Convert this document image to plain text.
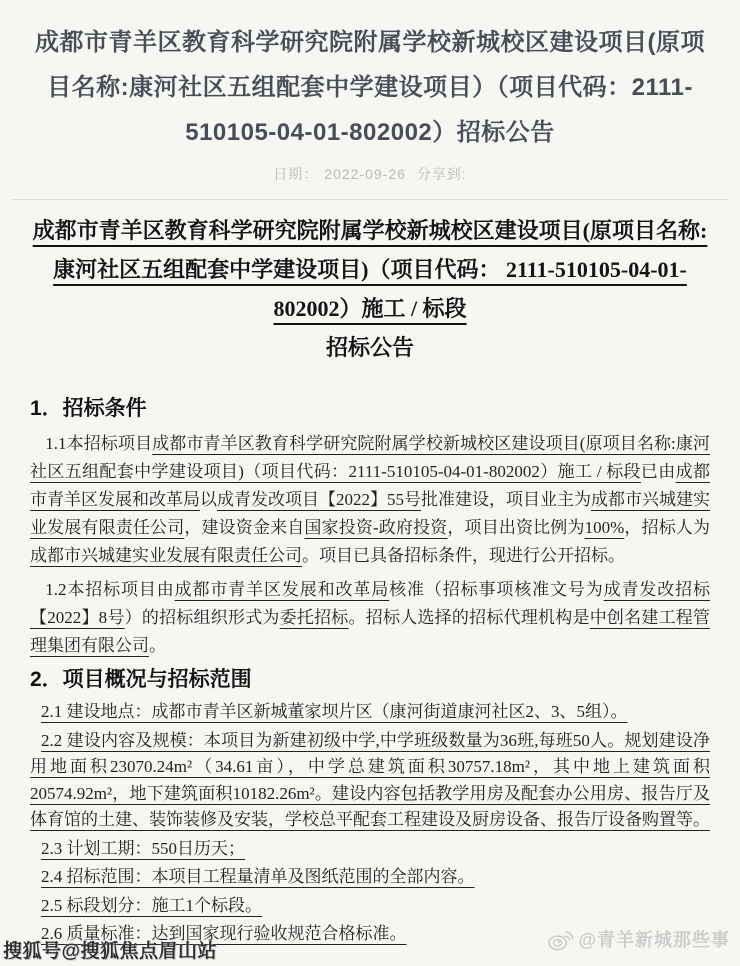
成都市青羊区教育科学研究院附属学校新城校区建设项目(原项目名称:康河社区五组配套中学建设项目）（项目代码：2111-510105-04-01-802002）招标公告
日期： 2022-09-26 分享到:
成都市青羊区教育科学研究院附属学校新城校区建设项目(原项目名称:康河社区五组配套中学建设项目)（项目代码： 2111-510105-04-01-802002）施工 / 标段
招标公告
1．招标条件

1.1本招标项目成都市青羊区教育科学研究院附属学校新城校区建设项目(原项目名称:康河社区五组配套中学建设项目)（项目代码：2111-510105-04-01-802002）施工 / 标段已由成都市青羊区发展和改革局以成青发改项目【2022】55号批准建设，项目业主为成都市兴城建实业发展有限责任公司，建设资金来自国家投资-政府投资，项目出资比例为100%，招标人为成都市兴城建实业发展有限责任公司。项目已具备招标条件，现进行公开招标。

1.2本招标项目由成都市青羊区发展和改革局核准（招标事项核准文号为成青发改招标【2022】8号）的招标组织形式为委托招标。招标人选择的招标代理机构是中创名建工程管理集团有限公司。

2．项目概况与招标范围
2.1 建设地点：成都市青羊区新城董家坝片区（康河街道康河社区2、3、5组）。
2.2 建设内容及规模：本项目为新建初级中学,中学班级数量为36班,每班50人。规划建设净用地面积23070.24m²（34.61亩），中学总建筑面积30757.18m²，其中地上建筑面积20574.92m²，地下建筑面积10182.26m²。建设内容包括教学用房及配套办公用房、报告厅及体育馆的土建、装饰装修及安装，学校总平配套工程建设及厨房设备、报告厅设备购置等。
2.3 计划工期：550日历天；
2.4 招标范围：本项目工程量清单及图纸范围的全部内容。
2.5 标段划分：施工1个标段。
2.6 质量标准：达到国家现行验收规范合格标准。
搜狐号@搜狐焦点眉山站
@青羊新城那些事
